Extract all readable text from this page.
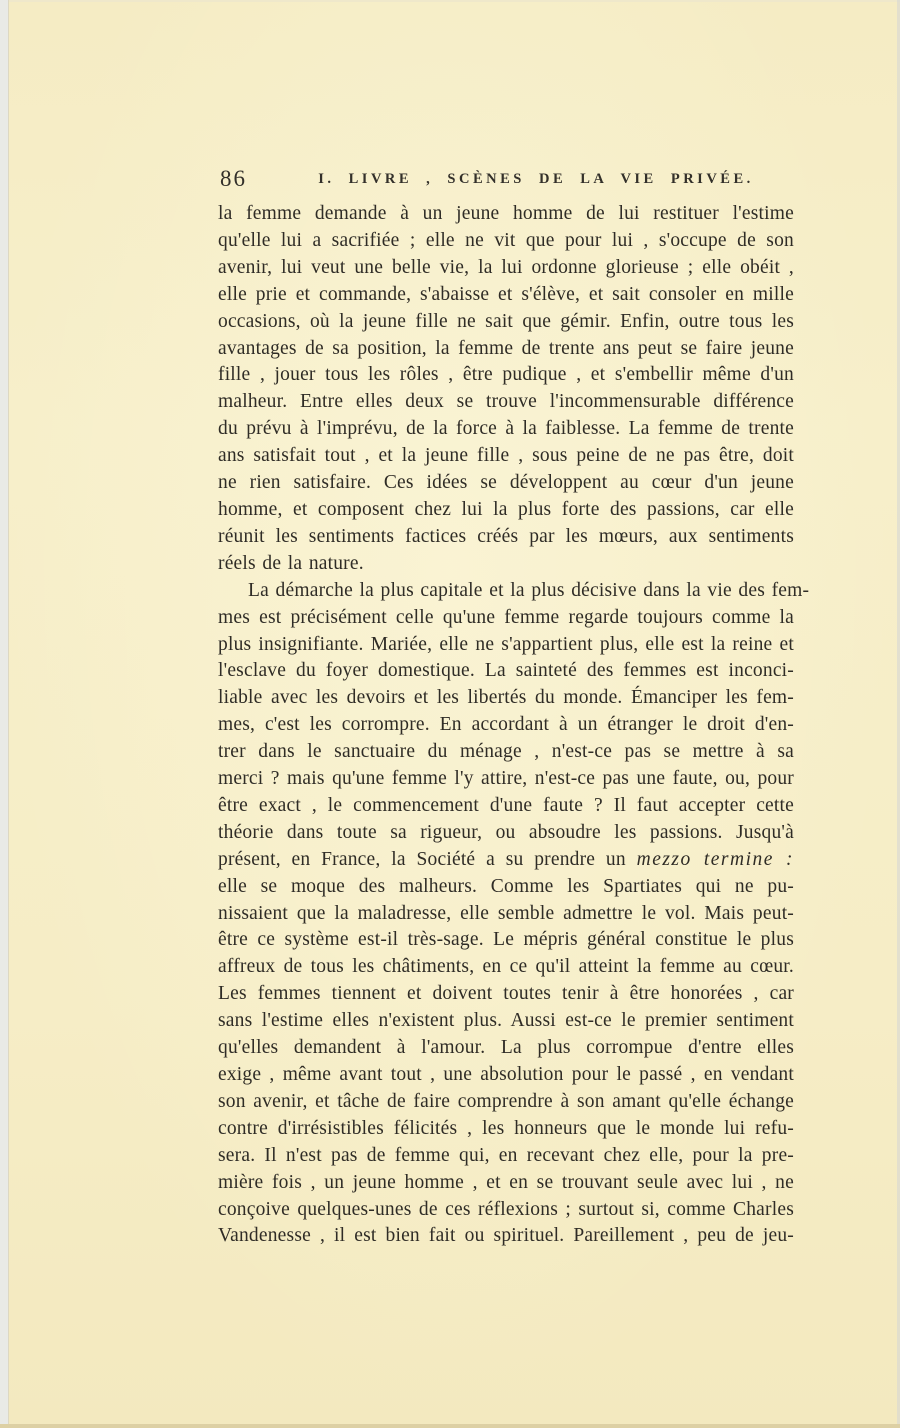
86	I. LIVRE , SCÈNES DE LA VIE PRIVÉE.
la femme demande à un jeune homme de lui restituer l'estime
qu'elle lui a sacrifiée ; elle ne vit que pour lui , s'occupe de son
avenir, lui veut une belle vie, la lui ordonne glorieuse ; elle obéit ,
elle prie et commande, s'abaisse et s'élève, et sait consoler en mille
occasions, où la jeune fille ne sait que gémir. Enfin, outre tous les
avantages de sa position, la femme de trente ans peut se faire jeune
fille , jouer tous les rôles , être pudique , et s'embellir même d'un
malheur. Entre elles deux se trouve l'incommensurable différence
du prévu à l'imprévu, de la force à la faiblesse. La femme de trente
ans satisfait tout , et la jeune fille , sous peine de ne pas être, doit
ne rien satisfaire. Ces idées se développent au cœur d'un jeune
homme, et composent chez lui la plus forte des passions, car elle
réunit les sentiments factices créés par les mœurs, aux sentiments
réels de la nature.
La démarche la plus capitale et la plus décisive dans la vie des fem-
mes est précisément celle qu'une femme regarde toujours comme la
plus insignifiante. Mariée, elle ne s'appartient plus, elle est la reine et
l'esclave du foyer domestique. La sainteté des femmes est inconci-
liable avec les devoirs et les libertés du monde. Émanciper les fem-
mes, c'est les corrompre. En accordant à un étranger le droit d'en-
trer dans le sanctuaire du ménage , n'est-ce pas se mettre à sa
merci ? mais qu'une femme l'y attire, n'est-ce pas une faute, ou, pour
être exact , le commencement d'une faute ? Il faut accepter cette
théorie dans toute sa rigueur, ou absoudre les passions. Jusqu'à
présent, en France, la Société a su prendre un mezzo termine :
elle se moque des malheurs. Comme les Spartiates qui ne pu-
nissaient que la maladresse, elle semble admettre le vol. Mais peut-
être ce système est-il très-sage. Le mépris général constitue le plus
affreux de tous les châtiments, en ce qu'il atteint la femme au cœur.
Les femmes tiennent et doivent toutes tenir à être honorées , car
sans l'estime elles n'existent plus. Aussi est-ce le premier sentiment
qu'elles demandent à l'amour. La plus corrompue d'entre elles
exige , même avant tout , une absolution pour le passé , en vendant
son avenir, et tâche de faire comprendre à son amant qu'elle échange
contre d'irrésistibles félicités , les honneurs que le monde lui refu-
sera. Il n'est pas de femme qui, en recevant chez elle, pour la pre-
mière fois , un jeune homme , et en se trouvant seule avec lui , ne
conçoive quelques-unes de ces réflexions ; surtout si, comme Charles
Vandenesse , il est bien fait ou spirituel. Pareillement , peu de jeu-
